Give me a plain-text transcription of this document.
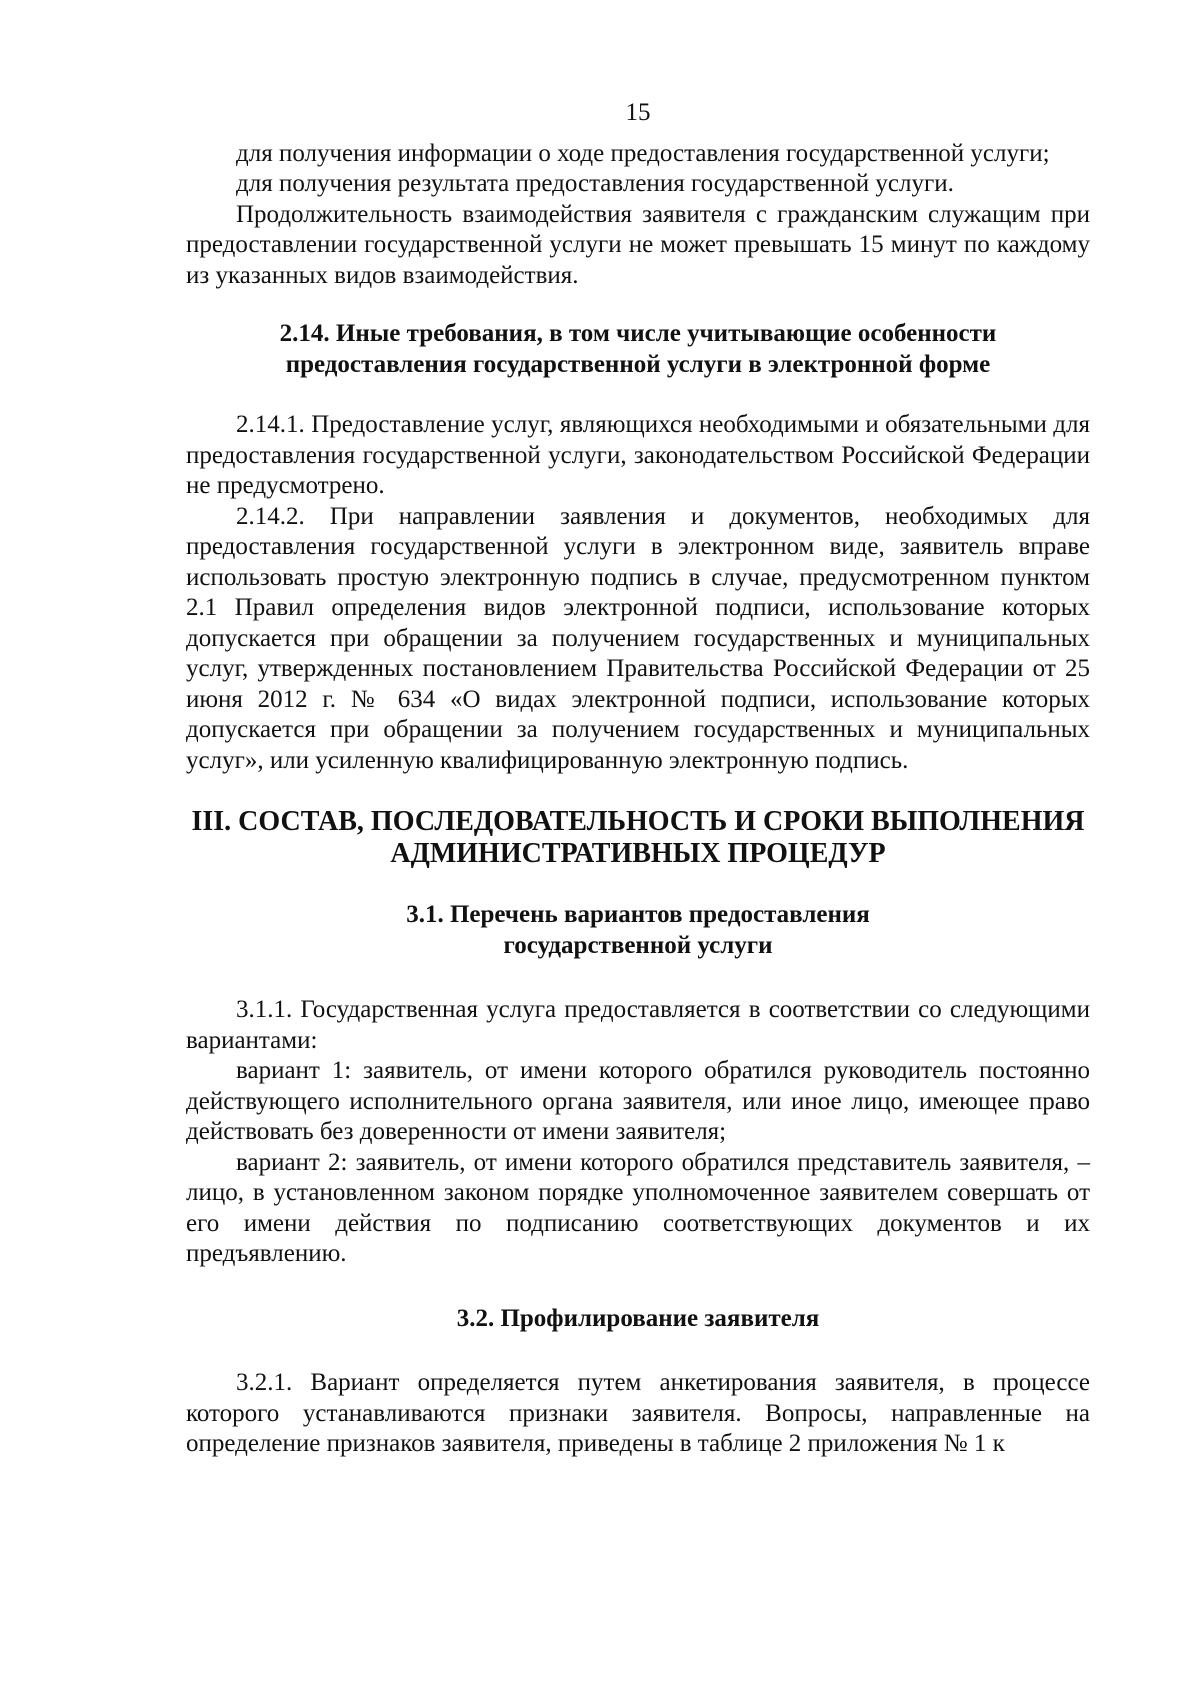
15

для получения информации о ходе предоставления государственной услуги;

для получения результата предоставления государственной услуги.

Продолжительность взаимодействия заявителя с гражданским служащим при предоставлении государственной услуги не может превышать 15 минут по каждому из указанных видов взаимодействия.

2.14. Иные требования, в том числе учитывающие особенности
предоставления государственной услуги в электронной форме

2.14.1. Предоставление услуг, являющихся необходимыми и обязательными для предоставления государственной услуги, законодательством Российской Федерации не предусмотрено.

2.14.2. При направлении заявления и документов, необходимых для предоставления государственной услуги в электронном виде, заявитель вправе использовать простую электронную подпись в случае, предусмотренном пунктом 2.1 Правил определения видов электронной подписи, использование которых допускается при обращении за получением государственных и муниципальных услуг, утвержденных постановлением Правительства Российской Федерации от 25 июня 2012 г. № 634 «О видах электронной подписи, использование которых допускается при обращении за получением государственных и муниципальных услуг», или усиленную квалифицированную электронную подпись.

III. СОСТАВ, ПОСЛЕДОВАТЕЛЬНОСТЬ И СРОКИ ВЫПОЛНЕНИЯ
АДМИНИСТРАТИВНЫХ ПРОЦЕДУР
3.1. Перечень вариантов предоставления
государственной услуги

3.1.1. Государственная услуга предоставляется в соответствии со следующими вариантами:

вариант 1: заявитель, от имени которого обратился руководитель постоянно действующего исполнительного органа заявителя, или иное лицо, имеющее право действовать без доверенности от имени заявителя;

вариант 2: заявитель, от имени которого обратился представитель заявителя, – лицо, в установленном законом порядке уполномоченное заявителем совершать от его имени действия по подписанию соответствующих документов и их предъявлению.

3.2. Профилирование заявителя

3.2.1. Вариант определяется путем анкетирования заявителя, в процессе которого устанавливаются признаки заявителя. Вопросы, направленные на определение признаков заявителя, приведены в таблице 2 приложения № 1 к
